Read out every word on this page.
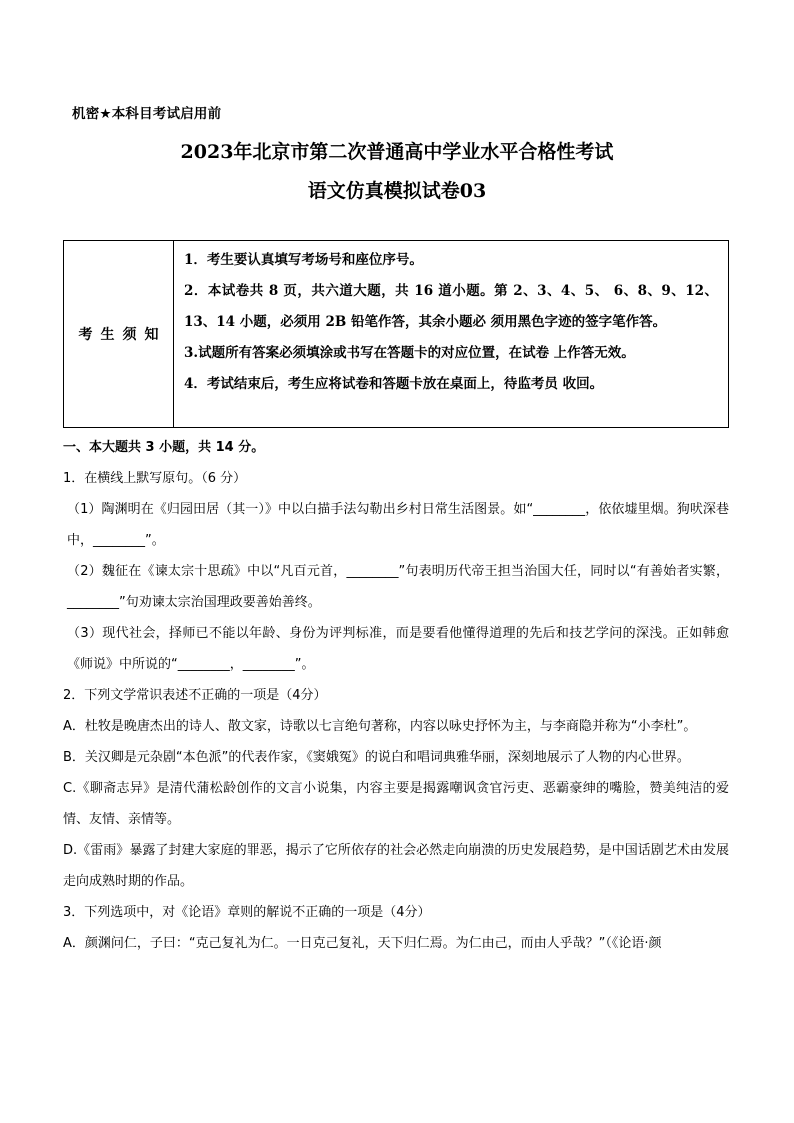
机密★本科目考试启用前
2023年北京市第二次普通高中学业水平合格性考试
语文仿真模拟试卷03
考生须知

1．考生要认真填写考场号和座位序号。

2．本试卷共 8 页，共六道大题，共 16 道小题。第 2、3、4、5、 6、8、9、12、13、14 小题，必须用 2B 铅笔作答，其余小题必 须用黑色字迹的签字笔作答。

3.试题所有答案必须填涂或书写在答题卡的对应位置，在试卷 上作答无效。

4．考试结束后，考生应将试卷和答题卡放在桌面上，待监考员 收回。

一、本大题共 3 小题，共 14 分。

1．在横线上默写原句。（6 分）

（1）陶渊明在《归园田居（其一）》中以白描手法勾勒出乡村日常生活图景。如“________，依依墟里烟。狗吠深巷中，________”。

（2）魏征在《谏太宗十思疏》中以“凡百元首，________”句表明历代帝王担当治国大任，同时以“有善始者实繁，________”句劝谏太宗治国理政要善始善终。

（3）现代社会，择师已不能以年龄、身份为评判标准，而是要看他懂得道理的先后和技艺学问的深浅。正如韩愈《师说》中所说的“________，________”。

2．下列文学常识表述不正确的一项是（4分）

A．杜牧是晚唐杰出的诗人、散文家，诗歌以七言绝句著称，内容以咏史抒怀为主，与李商隐并称为“小李杜”。

B．关汉卿是元杂剧“本色派”的代表作家，《窦娥冤》的说白和唱词典雅华丽，深刻地展示了人物的内心世界。

C.《聊斋志异》是清代蒲松龄创作的文言小说集，内容主要是揭露嘲讽贪官污吏、恶霸豪绅的嘴脸，赞美纯洁的爱情、友情、亲情等。

D.《雷雨》暴露了封建大家庭的罪恶，揭示了它所依存的社会必然走向崩溃的历史发展趋势，是中国话剧艺术由发展走向成熟时期的作品。

3．下列选项中，对《论语》章则的解说不正确的一项是（4分）

A．颜渊问仁，子曰：“克己复礼为仁。一日克己复礼，天下归仁焉。为仁由己，而由人乎哉？”（《论语·颜
